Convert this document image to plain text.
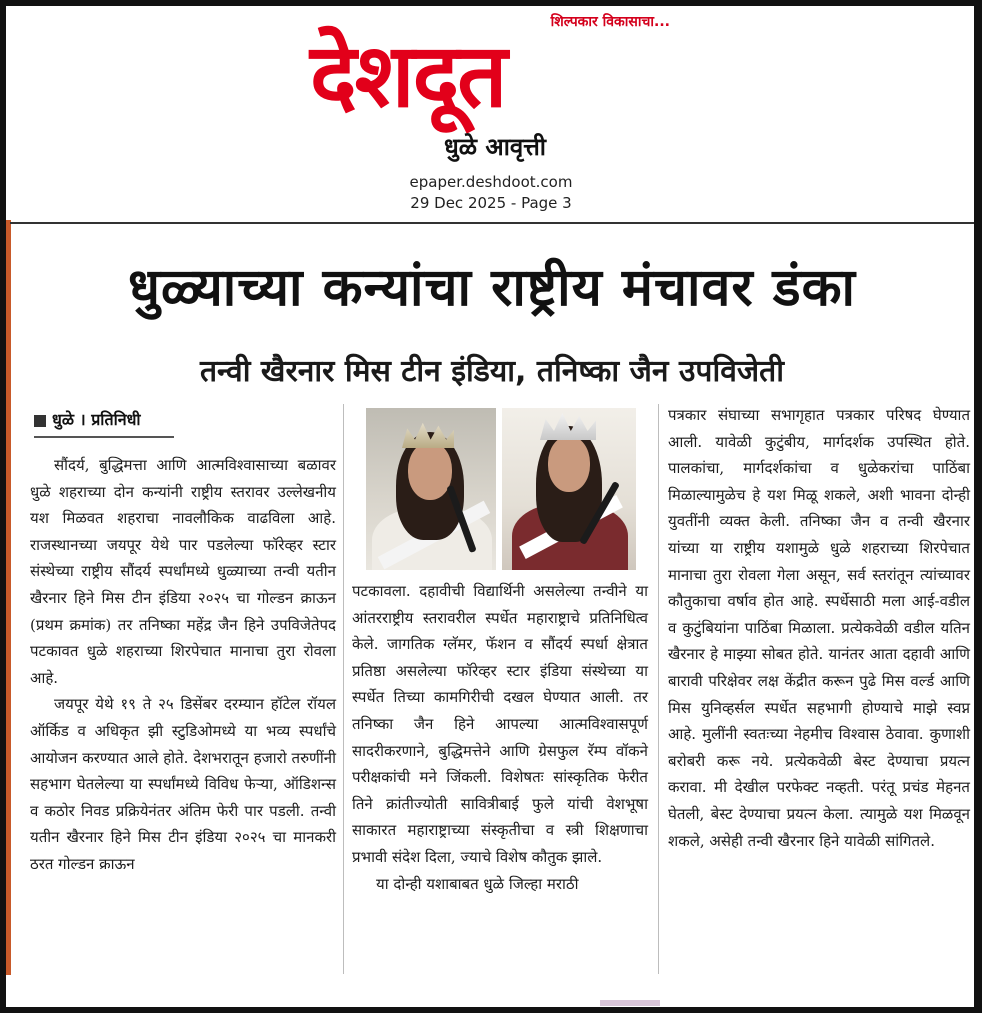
शिल्पकार विकासाचा...
देशदूत
धुळे आवृत्ती
epaper.deshdoot.com
29 Dec 2025 - Page 3
धुळ्याच्या कन्यांचा राष्ट्रीय मंचावर डंका
तन्वी खैरनार मिस टीन इंडिया, तनिष्का जैन उपविजेती
धुळे । प्रतिनिधी

सौंदर्य, बुद्धिमत्ता आणि आत्मविश्वासाच्या बळावर धुळे शहराच्या दोन कन्यांनी राष्ट्रीय स्तरावर उल्लेखनीय यश मिळवत शहराचा नावलौकिक वाढविला आहे. राजस्थानच्या जयपूर येथे पार पडलेल्या फॉरेव्हर स्टार संस्थेच्या राष्ट्रीय सौंदर्य स्पर्धांमध्ये धुळ्याच्या तन्वी यतीन खैरनार हिने मिस टीन इंडिया २०२५ चा गोल्डन क्राऊन (प्रथम क्रमांक) तर तनिष्का महेंद्र जैन हिने उपविजेतेपद पटकावत धुळे शहराच्या शिरपेचात मानाचा तुरा रोवला आहे.

जयपूर येथे १९ ते २५ डिसेंबर दरम्यान हॉटेल रॉयल ऑर्किड व अधिकृत झी स्टुडिओमध्ये या भव्य स्पर्धांचे आयोजन करण्यात आले होते. देशभरातून हजारो तरुणींनी सहभाग घेतलेल्या या स्पर्धांमध्ये विविध फेऱ्या, ऑडिशन्स व कठोर निवड प्रक्रियेनंतर अंतिम फेरी पार पडली. तन्वी यतीन खैरनार हिने मिस टीन इंडिया २०२५ चा मानकरी ठरत गोल्डन क्राऊन

पटकावला. दहावीची विद्यार्थिनी असलेल्या तन्वीने या आंतरराष्ट्रीय स्तरावरील स्पर्धेत महाराष्ट्राचे प्रतिनिधित्व केले. जागतिक ग्लॅमर, फॅशन व सौंदर्य स्पर्धा क्षेत्रात प्रतिष्ठा असलेल्या फॉरेव्हर स्टार इंडिया संस्थेच्या या स्पर्धेत तिच्या कामगिरीची दखल घेण्यात आली. तर तनिष्का जैन हिने आपल्या आत्मविश्वासपूर्ण सादरीकरणाने, बुद्धिमत्तेने आणि ग्रेसफुल रॅम्प वॉकने परीक्षकांची मने जिंकली. विशेषतः सांस्कृतिक फेरीत तिने क्रांतीज्योती सावित्रीबाई फुले यांची वेशभूषा साकारत महाराष्ट्राच्या संस्कृतीचा व स्त्री शिक्षणाचा प्रभावी संदेश दिला, ज्याचे विशेष कौतुक झाले.

या दोन्ही यशाबाबत धुळे जिल्हा मराठी

पत्रकार संघाच्या सभागृहात पत्रकार परिषद घेण्यात आली. यावेळी कुटुंबीय, मार्गदर्शक उपस्थित होते. पालकांचा, मार्गदर्शकांचा व धुळेकरांचा पाठिंबा मिळाल्यामुळेच हे यश मिळू शकले, अशी भावना दोन्ही युवतींनी व्यक्त केली. तनिष्का जैन व तन्वी खैरनार यांच्या या राष्ट्रीय यशामुळे धुळे शहराच्या शिरपेचात मानाचा तुरा रोवला गेला असून, सर्व स्तरांतून त्यांच्यावर कौतुकाचा वर्षाव होत आहे. स्पर्धेसाठी मला आई-वडील व कुटुंबियांना पाठिंबा मिळाला. प्रत्येकवेळी वडील यतिन खैरनार हे माझ्या सोबत होते. यानंतर आता दहावी आणि बारावी परिक्षेवर लक्ष केंद्रीत करून पुढे मिस वर्ल्ड आणि मिस युनिव्हर्सल स्पर्धेत सहभागी होण्याचे माझे स्वप्न आहे. मुलींनी स्वतःच्या नेहमीच विश्वास ठेवावा. कुणाशी बरोबरी करू नये. प्रत्येकवेळी बेस्ट देण्याचा प्रयत्न करावा. मी देखील परफेक्ट नव्हती. परंतू प्रचंड मेहनत घेतली, बेस्ट देण्याचा प्रयत्न केला. त्यामुळे यश मिळवून शकले, असेही तन्वी खैरनार हिने यावेळी सांगितले.
